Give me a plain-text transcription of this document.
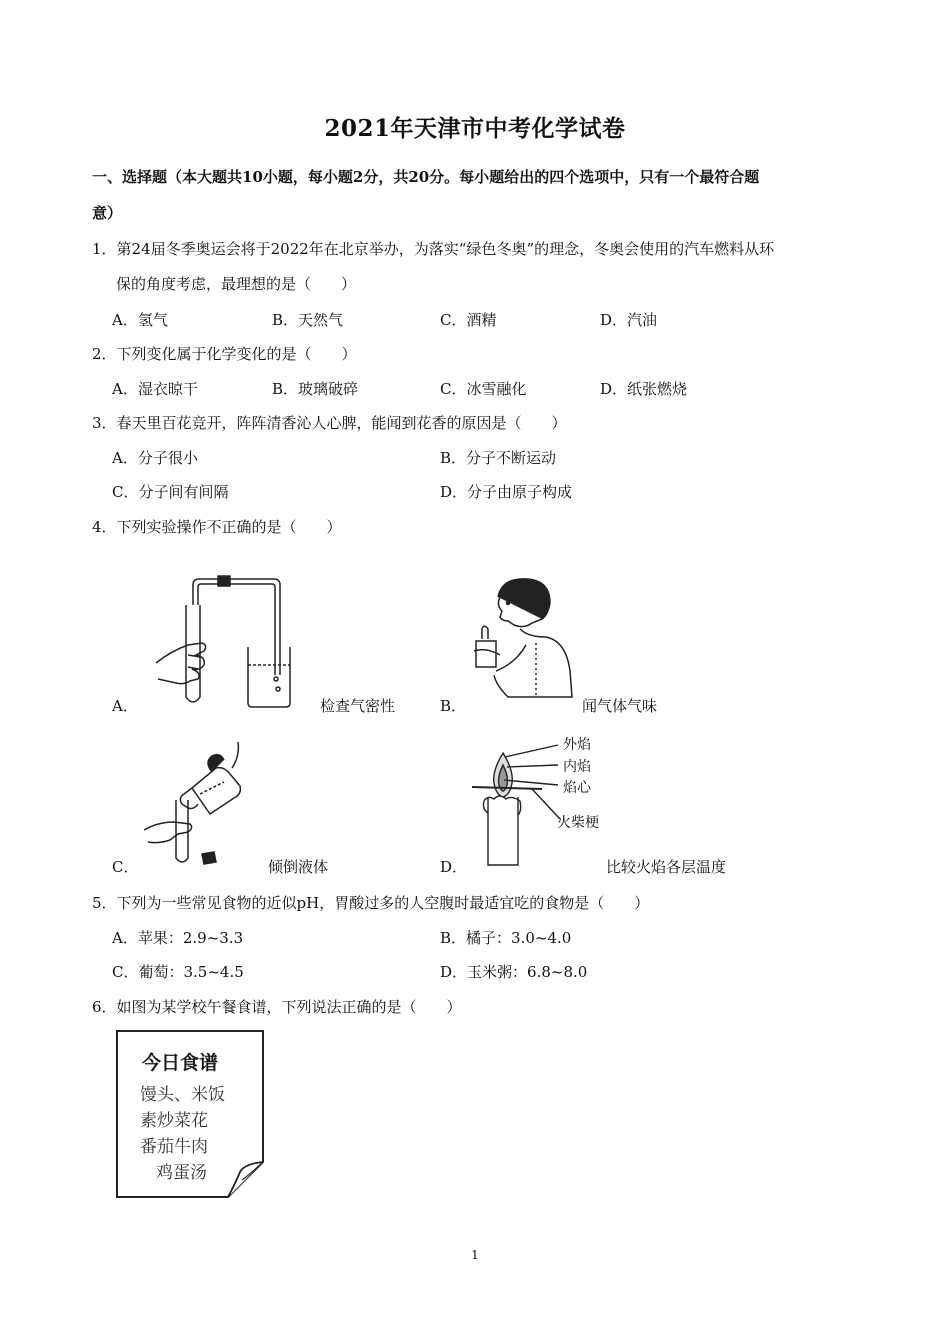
2021年天津市中考化学试卷
一、选择题（本大题共10小题，每小题2分，共20分。每小题给出的四个选项中，只有一个最符合题
意）
1．第24届冬季奥运会将于2022年在北京举办，为落实“绿色冬奥”的理念，冬奥会使用的汽车燃料从环
保的角度考虑，最理想的是（　　）
A．氢气	B．天然气	C．酒精	D．汽油
2．下列变化属于化学变化的是（　　）
A．湿衣晾干	B．玻璃破碎	C．冰雪融化	D．纸张燃烧
3．春天里百花竞开，阵阵清香沁人心脾，能闻到花香的原因是（　　）
A．分子很小	B．分子不断运动
C．分子间有间隔	D．分子由原子构成
4．下列实验操作不正确的是（　　）
A．	检查气密性	B．	闻气体气味
C．	倾倒液体
外焰
内焰
焰心
火柴梗
D．	比较火焰各层温度
5．下列为一些常见食物的近似pH，胃酸过多的人空腹时最适宜吃的食物是（　　）
A．苹果：2.9~3.3	B．橘子：3.0~4.0
C．葡萄：3.5~4.5	D．玉米粥：6.8~8.0
6．如图为某学校午餐食谱，下列说法正确的是（　　）
今日食谱
馒头、米饭
素炒菜花
番茄牛肉
鸡蛋汤
1
